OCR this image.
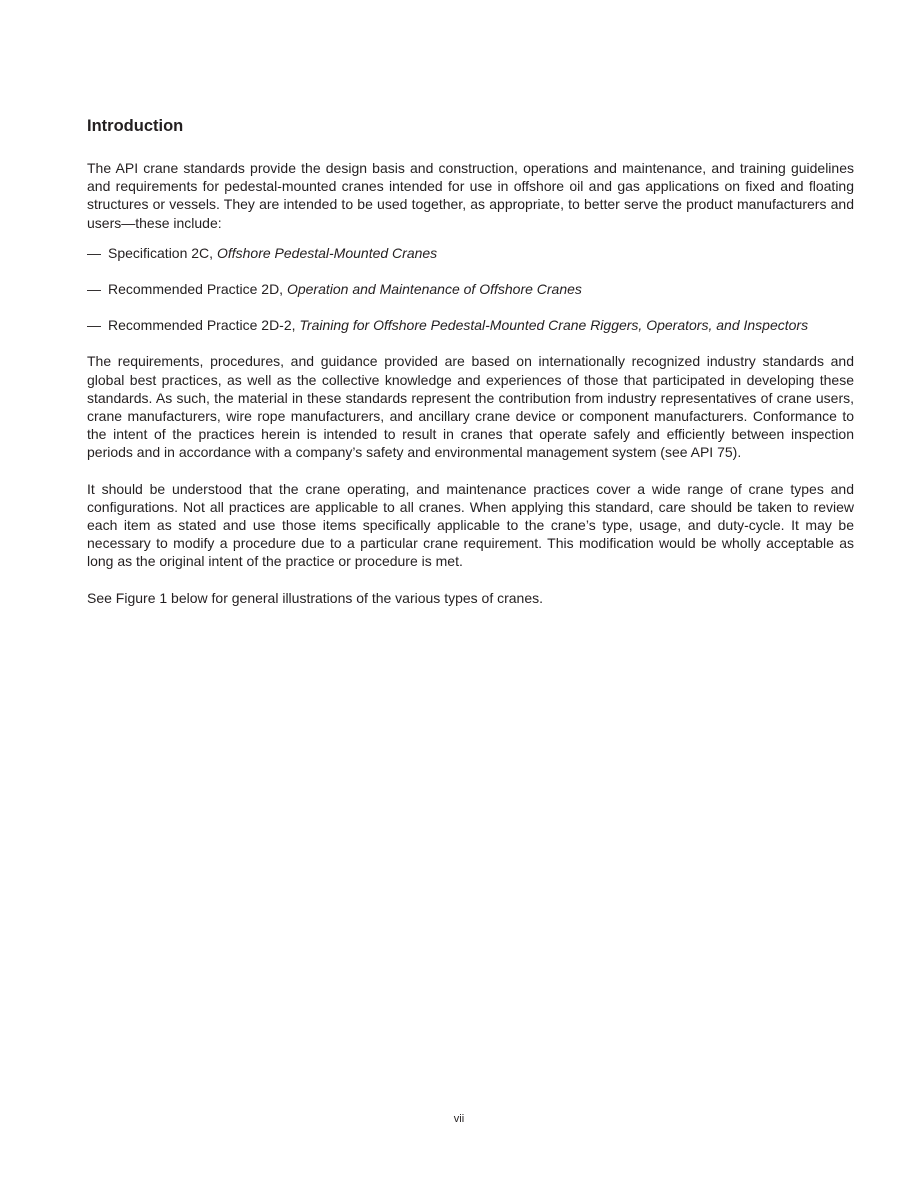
Introduction

The API crane standards provide the design basis and construction, operations and maintenance, and training guidelines and requirements for pedestal-mounted cranes intended for use in offshore oil and gas applications on fixed and floating structures or vessels. They are intended to be used together, as appropriate, to better serve the product manufacturers and users—these include:

— Specification 2C, Offshore Pedestal-Mounted Cranes
— Recommended Practice 2D, Operation and Maintenance of Offshore Cranes
— Recommended Practice 2D-2, Training for Offshore Pedestal-Mounted Crane Riggers, Operators, and Inspectors

The requirements, procedures, and guidance provided are based on internationally recognized industry standards and global best practices, as well as the collective knowledge and experiences of those that participated in developing these standards. As such, the material in these standards represent the contribution from industry representatives of crane users, crane manufacturers, wire rope manufacturers, and ancillary crane device or component manufacturers. Conformance to the intent of the practices herein is intended to result in cranes that operate safely and efficiently between inspection periods and in accordance with a company’s safety and environmental management system (see API 75).

It should be understood that the crane operating, and maintenance practices cover a wide range of crane types and configurations. Not all practices are applicable to all cranes. When applying this standard, care should be taken to review each item as stated and use those items specifically applicable to the crane’s type, usage, and duty-cycle. It may be necessary to modify a procedure due to a particular crane requirement. This modification would be wholly acceptable as long as the original intent of the practice or procedure is met.

See Figure 1 below for general illustrations of the various types of cranes.

vii
